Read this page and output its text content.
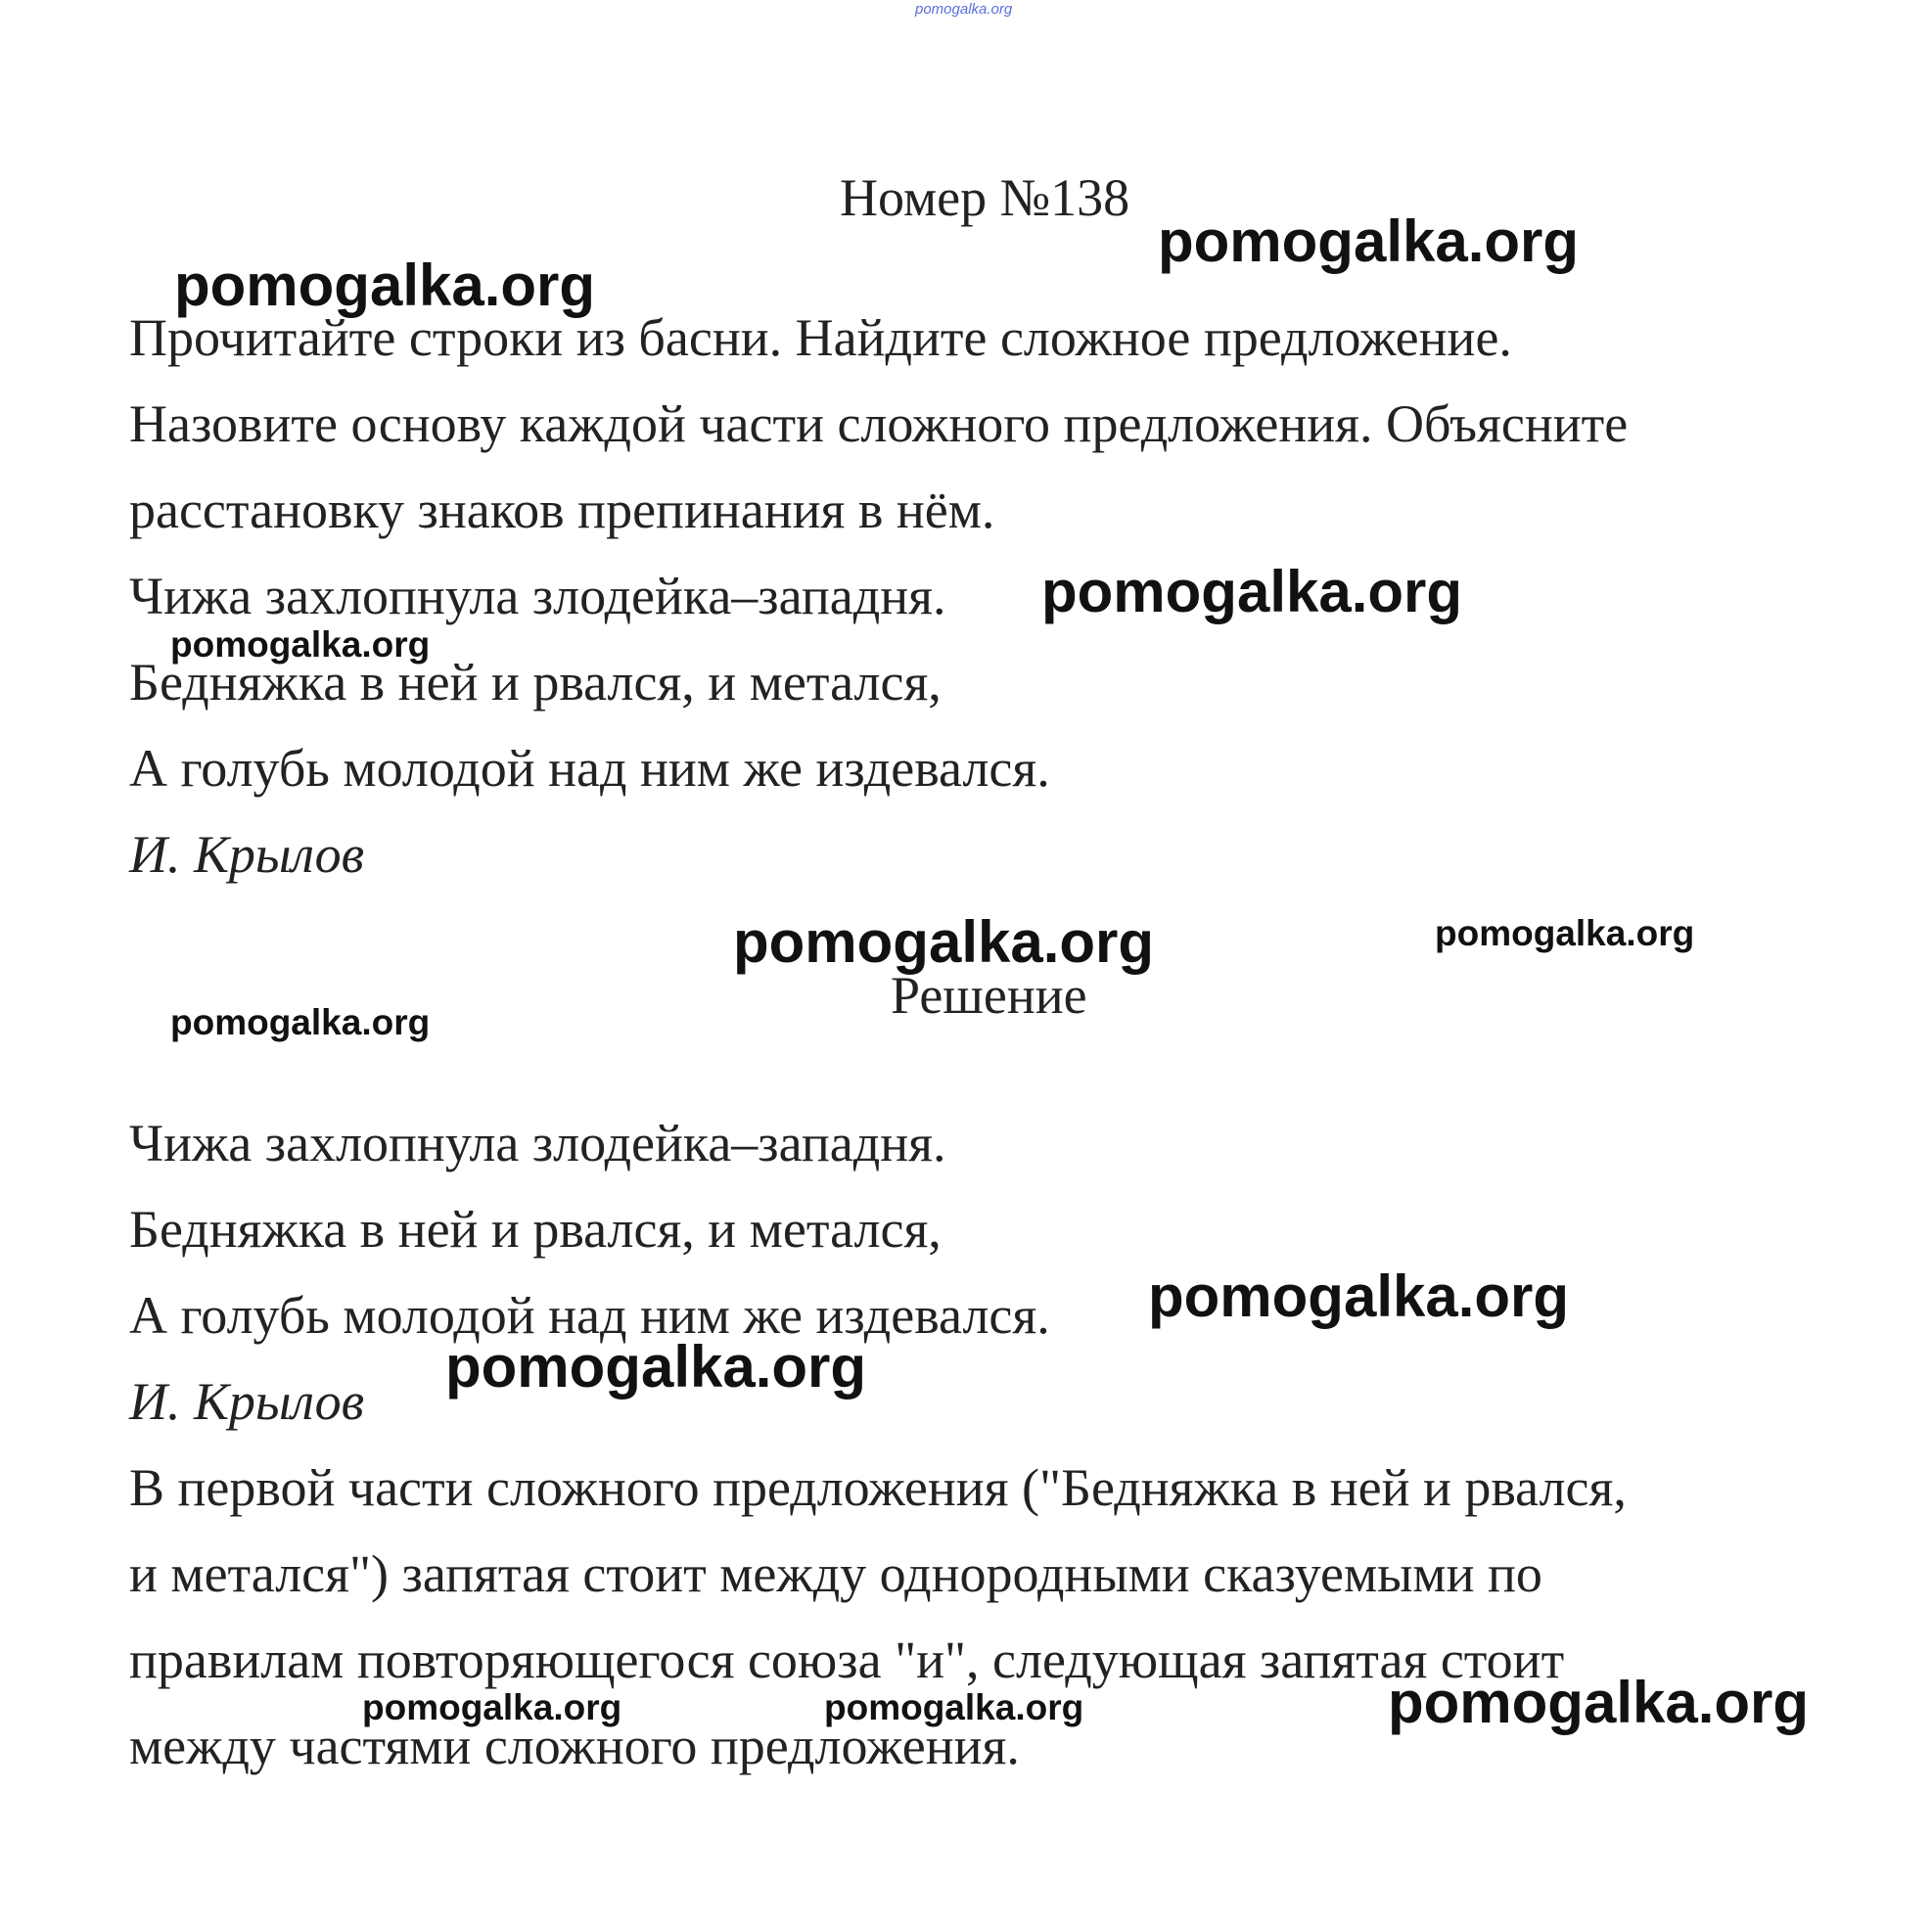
pomogalka.org
Номер №138
Прочитайте строки из басни. Найдите сложное предложение.
Назовите основу каждой части сложного предложения. Объясните
расстановку знаков препинания в нём.
Чижа захлопнула злодейка–западня.
Бедняжка в ней и рвался, и метался,
А голубь молодой над ним же издевался.
И. Крылов
Решение
Чижа захлопнула злодейка–западня.
Бедняжка в ней и рвался, и метался,
А голубь молодой над ним же издевался.
И. Крылов
В первой части сложного предложения ("Бедняжка в ней и рвался,
и метался") запятая стоит между однородными сказуемыми по
правилам повторяющегося союза "и", следующая запятая стоит
между частями сложного предложения.
pomogalka.org
pomogalka.org
pomogalka.org
pomogalka.org
pomogalka.org	pomogalka.org
pomogalka.org
pomogalka.org
pomogalka.org
pomogalka.org	pomogalka.org	pomogalka.org
